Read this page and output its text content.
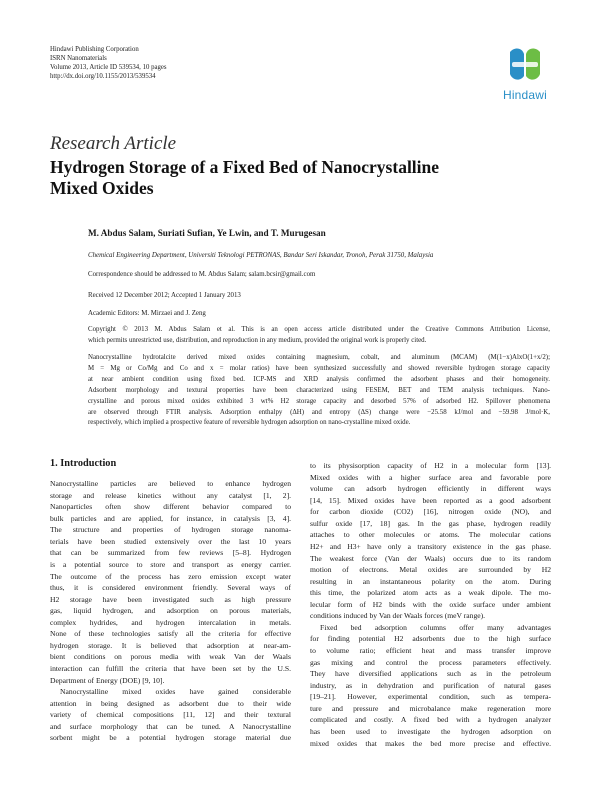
Hindawi Publishing Corporation
ISRN Nanomaterials
Volume 2013, Article ID 539534, 10 pages
http://dx.doi.org/10.1155/2013/539534
Hindawi
Research Article
Hydrogen Storage of a Fixed Bed of Nanocrystalline
Mixed Oxides
M. Abdus Salam, Suriati Sufian, Ye Lwin, and T. Murugesan
Chemical Engineering Department, Universiti Teknologi PETRONAS, Bandar Seri Iskandar, Tronoh, Perak 31750, Malaysia
Correspondence should be addressed to M. Abdus Salam; salam.bcsir@gmail.com
Received 12 December 2012; Accepted 1 January 2013
Academic Editors: M. Mirzaei and J. Zeng
Copyright © 2013 M. Abdus Salam et al. This is an open access article distributed under the Creative Commons Attribution License,
which permits unrestricted use, distribution, and reproduction in any medium, provided the original work is properly cited.
Nanocrystalline hydrotalcite derived mixed oxides containing magnesium, cobalt, and aluminum (MCAM) (M(1−x)AlxO(1+x/2);
M = Mg or Co/Mg and Co and x = molar ratios) have been synthesized successfully and showed reversible hydrogen storage capacity
at near ambient condition using fixed bed. ICP-MS and XRD analysis confirmed the adsorbent phases and their homogeneity.
Adsorbent morphology and textural properties have been characterized using FESEM, BET and TEM analysis techniques. Nano-
crystalline and porous mixed oxides exhibited 3 wt% H2 storage capacity and desorbed 57% of adsorbed H2. Spillover phenomena
are observed through FTIR analysis. Adsorption enthalpy (ΔH) and entropy (ΔS) change were −25.58 kJ/mol and −59.98 J/mol·K,
respectively, which implied a prospective feature of reversible hydrogen adsorption on nano-crystalline mixed oxide.
1. Introduction
Nanocrystalline particles are believed to enhance hydrogen
storage and release kinetics without any catalyst [1, 2].
Nanoparticles often show different behavior compared to
bulk particles and are applied, for instance, in catalysis [3, 4].
The structure and properties of hydrogen storage nanoma-
terials have been studied extensively over the last 10 years
that can be summarized from few reviews [5–8]. Hydrogen
is a potential source to store and transport as energy carrier.
The outcome of the process has zero emission except water
thus, it is considered environment friendly. Several ways of
H2 storage have been investigated such as high pressure
gas, liquid hydrogen, and adsorption on porous materials,
complex hydrides, and hydrogen intercalation in metals.
None of these technologies satisfy all the criteria for effective
hydrogen storage. It is believed that adsorption at near-am-
bient conditions on porous media with weak Van der Waals
interaction can fulfill the criteria that have been set by the U.S.
Department of Energy (DOE) [9, 10].
Nanocrystalline mixed oxides have gained considerable
attention in being designed as adsorbent due to their wide
variety of chemical compositions [11, 12] and their textural
and surface morphology that can be tuned. A Nanocrystalline
sorbent might be a potential hydrogen storage material due
to its physisorption capacity of H2 in a molecular form [13].
Mixed oxides with a higher surface area and favorable pore
volume can adsorb hydrogen efficiently in different ways
[14, 15]. Mixed oxides have been reported as a good adsorbent
for carbon dioxide (CO2) [16], nitrogen oxide (NO), and
sulfur oxide [17, 18] gas. In the gas phase, hydrogen readily
attaches to other molecules or atoms. The molecular cations
H2+ and H3+ have only a transitory existence in the gas phase.
The weakest force (Van der Waals) occurs due to its random
motion of electrons. Metal oxides are surrounded by H2
resulting in an instantaneous polarity on the atom. During
this time, the polarized atom acts as a weak dipole. The mo-
lecular form of H2 binds with the oxide surface under ambient
conditions induced by Van der Waals forces (meV range).
Fixed bed adsorption columns offer many advantages
for finding potential H2 adsorbents due to the high surface
to volume ratio; efficient heat and mass transfer improve
gas mixing and control the process parameters effectively.
They have diversified applications such as in the petroleum
industry, as in dehydration and purification of natural gases
[19–21]. However, experimental condition, such as tempera-
ture and pressure and microbalance make regeneration more
complicated and costly. A fixed bed with a hydrogen analyzer
has been used to investigate the hydrogen adsorption on
mixed oxides that makes the bed more precise and effective.
